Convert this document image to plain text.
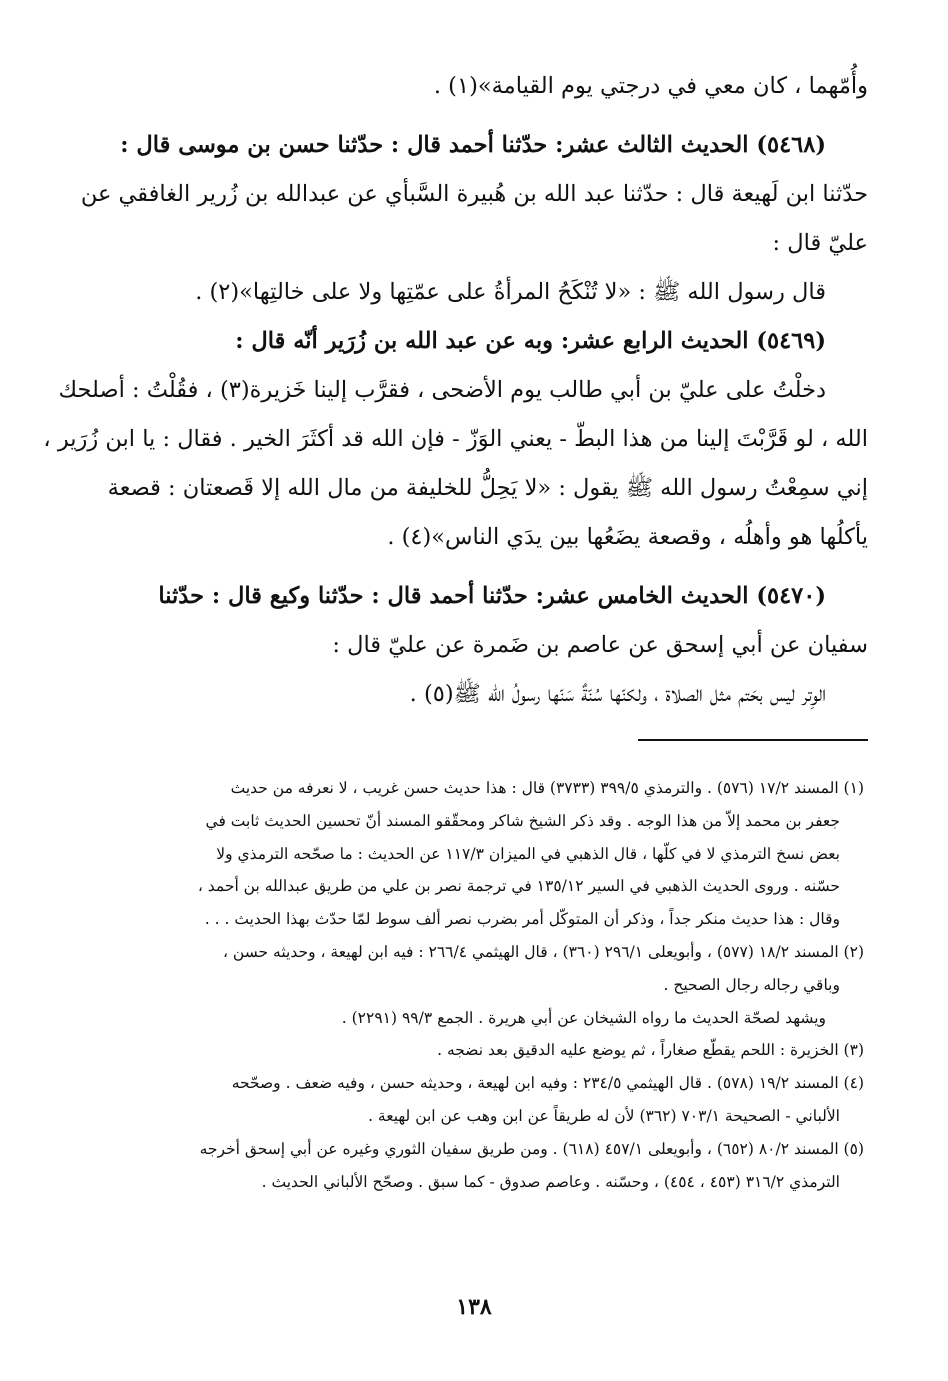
وأُمّهما ، كان معي في درجتي يوم القيامة»(١) .
(٥٤٦٨) الحديث الثالث عشر: حدّثنا أحمد قال : حدّثنا حسن بن موسى قال :
حدّثنا ابن لَهيعة قال : حدّثنا عبد الله بن هُبيرة السَّبأي عن عبدالله بن زُرير الغافقي عن
عليّ قال :
قال رسول الله ﷺ : «لا تُنْكَحُ المرأةُ على عمّتِها ولا على خالتِها»(٢) .
(٥٤٦٩) الحديث الرابع عشر: وبه عن عبد الله بن زُرَير أنّه قال :
دخلْتُ على عليّ بن أبي طالب يوم الأضحى ، فقرَّب إلينا خَزيرة(٣) ، فقُلْتُ : أصلحك
الله ، لو قَرَّبْتَ إلينا من هذا البطّ - يعني الوَزّ - فإن الله قد أكثَرَ الخير . فقال : يا ابن زُرَير ،
إني سمِعْتُ رسول الله ﷺ يقول : «لا يَحِلُّ للخليفة من مال الله إلا قَصعتان : قصعة
يأكلُها هو وأهلُه ، وقصعة يضَعُها بين يدَي الناس»(٤) .
(٥٤٧٠) الحديث الخامس عشر: حدّثنا أحمد قال : حدّثنا وكيع قال : حدّثنا
سفيان عن أبي إسحق عن عاصم بن ضَمرة عن عليّ قال :
الوِتر ليس بحَتم مثل الصلاة ، ولكنّها سُنّةٌ سَنّها رسولُ الله ﷺ(٥) .
(١) المسند ١٧/٢ (٥٧٦) . والترمذي ٣٩٩/٥ (٣٧٣٣) قال : هذا حديث حسن غريب ، لا نعرفه من حديث
جعفر بن محمد إلاّ من هذا الوجه . وقد ذكر الشيخ شاكر ومحقّقو المسند أنّ تحسين الحديث ثابت في
بعض نسخ الترمذي لا في كلّها ، قال الذهبي في الميزان ١١٧/٣ عن الحديث : ما صحّحه الترمذي ولا
حسّنه . وروى الحديث الذهبي في السير ١٣٥/١٢ في ترجمة نصر بن علي من طريق عبدالله بن أحمد ،
وقال : هذا حديث منكر جداً ، وذكر أن المتوكّل أمر بضرب نصر ألف سوط لمّا حدّث بهذا الحديث . . .
(٢) المسند ١٨/٢ (٥٧٧) ، وأبويعلى ٢٩٦/١ (٣٦٠) ، قال الهيثمي ٢٦٦/٤ : فيه ابن لهيعة ، وحديثه حسن ،
وباقي رجاله رجال الصحيح .
ويشهد لصحّة الحديث ما رواه الشيخان عن أبي هريرة . الجمع ٩٩/٣ (٢٢٩١) .
(٣) الخزيرة : اللحم يقطّع صغاراً ، ثم يوضع عليه الدقيق بعد نضجه .
(٤) المسند ١٩/٢ (٥٧٨) . قال الهيثمي ٢٣٤/٥ : وفيه ابن لهيعة ، وحديثه حسن ، وفيه ضعف . وصحّحه
الألباني - الصحيحة ٧٠٣/١ (٣٦٢) لأن له طريقاً عن ابن وهب عن ابن لهيعة .
(٥) المسند ٨٠/٢ (٦٥٢) ، وأبويعلى ٤٥٧/١ (٦١٨) . ومن طريق سفيان الثوري وغيره عن أبي إسحق أخرجه
الترمذي ٣١٦/٢ (٤٥٣ ، ٤٥٤) ، وحسّنه . وعاصم صدوق - كما سبق . وصحّح الألباني الحديث .
١٣٨
